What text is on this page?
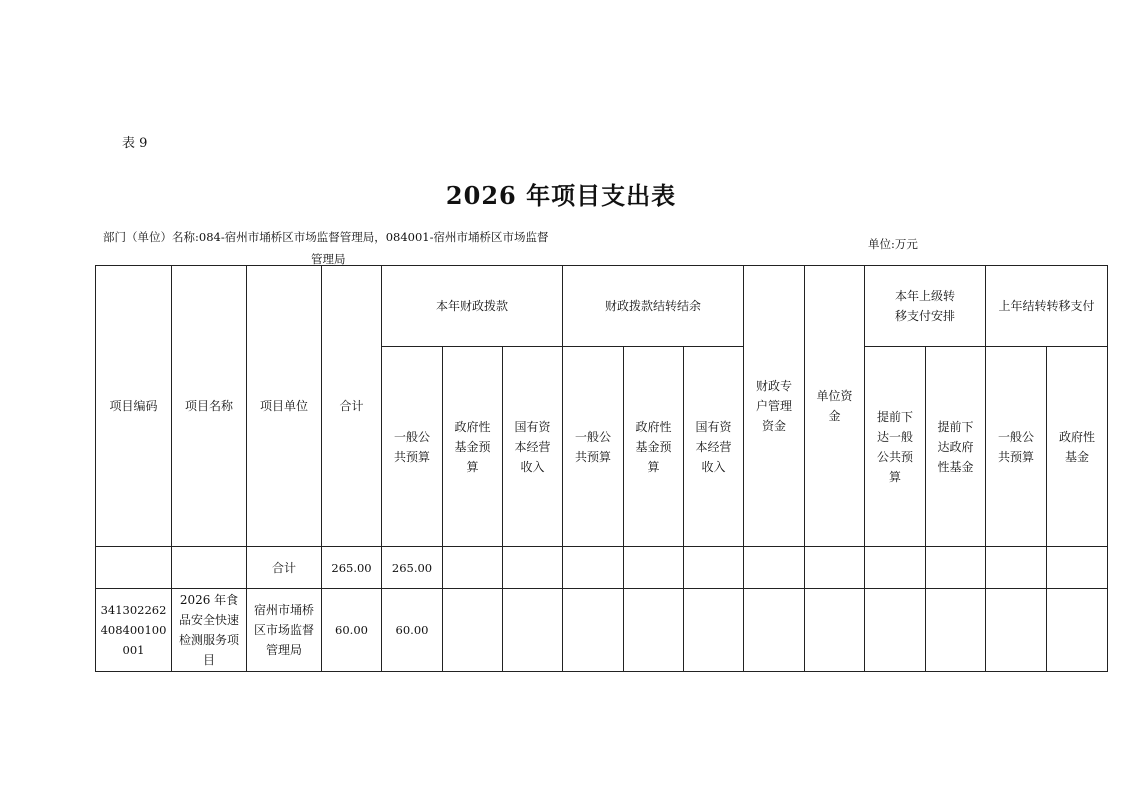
表 9
2026 年项目支出表
部门（单位）名称:084-宿州市埇桥区市场监督管理局，084001-宿州市埇桥区市场监督
管理局
单位:万元
项目编码	项目名称	项目单位	合计	本年财政拨款			财政拨款结转结余			财政专户管理资金	单位资金	本年上级转移支付安排		上年结转转移支付	
				一般公共预算	政府性基金预算	国有资本经营收入	一般公共预算	政府性基金预算	国有资本经营收入			提前下达一般公共预算	提前下达政府性基金	一般公共预算	政府性基金
		合计	265.00	265.00											
341302262408400100001	2026 年食品安全快速检测服务项目	宿州市埇桥区市场监督管理局	60.00	60.00											
